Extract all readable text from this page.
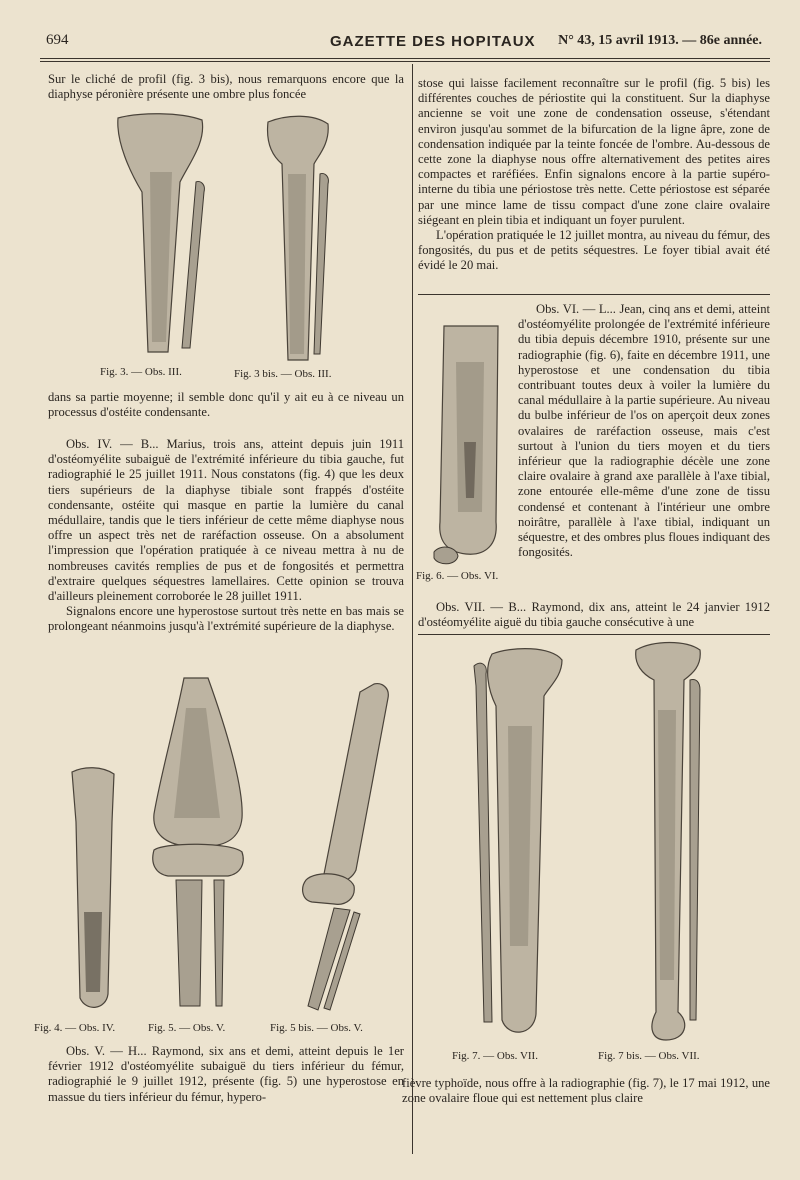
694	GAZETTE DES HOPITAUX N° 43, 15 avril 1913. — 86e année.

Sur le cliché de profil (fig. 3 bis), nous remarquons encore que la diaphyse péronière présente une ombre plus foncée

Fig. 3. — Obs. III.	Fig. 3 bis. — Obs. III.

dans sa partie moyenne; il semble donc qu'il y ait eu à ce niveau un processus d'ostéite condensante.

Obs. IV. — B... Marius, trois ans, atteint depuis juin 1911 d'ostéomyélite subaiguë de l'extrémité inférieure du tibia gauche, fut radiographié le 25 juillet 1911. Nous constatons (fig. 4) que les deux tiers supérieurs de la diaphyse tibiale sont frappés d'ostéite condensante, ostéite qui masque en partie la lumière du canal médullaire, tandis que le tiers inférieur de cette même diaphyse nous offre un aspect très net de raréfaction osseuse. On a absolument l'impression que l'opération pratiquée à ce niveau mettra à nu de nombreuses cavités remplies de pus et de fongosités et permettra d'extraire quelques séquestres lamellaires. Cette opinion se trouva d'ailleurs pleinement corroborée le 28 juillet 1911.

Signalons encore une hyperostose surtout très nette en bas mais se prolongeant néanmoins jusqu'à l'extrémité supérieure de la diaphyse.

Fig. 4. — Obs. IV.	Fig. 5. — Obs. V.	Fig. 5 bis. — Obs. V.

Obs. V. — H... Raymond, six ans et demi, atteint depuis le 1er février 1912 d'ostéomyélite subaiguë du tiers inférieur du fémur, radiographié le 9 juillet 1912, présente (fig. 5) une hyperostose en massue du tiers inférieur du fémur, hypero-

stose qui laisse facilement reconnaître sur le profil (fig. 5 bis) les différentes couches de périostite qui la constituent. Sur la diaphyse ancienne se voit une zone de condensation osseuse, s'étendant environ jusqu'au sommet de la bifurcation de la ligne âpre, zone de condensation indiquée par la teinte foncée de l'ombre. Au-dessous de cette zone la diaphyse nous offre alternativement des petites aires compactes et raréfiées. Enfin signalons encore à la partie supéro-interne du tibia une périostose très nette. Cette périostose est séparée par une mince lame de tissu compact d'une zone claire ovalaire siégeant en plein tibia et indiquant un foyer purulent.

L'opération pratiquée le 12 juillet montra, au niveau du fémur, des fongosités, du pus et de petits séquestres. Le foyer tibial avait été évidé le 20 mai.

Fig. 6. — Obs. VI.

Obs. VI. — L... Jean, cinq ans et demi, atteint d'ostéomyélite prolongée de l'extrémité inférieure du tibia depuis décembre 1910, présente sur une radiographie (fig. 6), faite en décembre 1911, une hyperostose et une condensation du tibia contribuant toutes deux à voiler la lumière du canal médullaire à la partie supérieure. Au niveau du bulbe inférieur de l'os on aperçoit deux zones ovalaires de raréfaction osseuse, mais c'est surtout à l'union du tiers moyen et du tiers inférieur que la radiographie décèle une zone claire ovalaire à grand axe parallèle à l'axe tibial, zone entourée elle-même d'une zone de tissu condensé et contenant à l'intérieur une ombre noirâtre, parallèle à l'axe tibial, indiquant un séquestre, et des ombres plus floues indiquant des fongosités.

Obs. VII. — B... Raymond, dix ans, atteint le 24 janvier 1912 d'ostéomyélite aiguë du tibia gauche consécutive à une

Fig. 7. — Obs. VII.	Fig. 7 bis. — Obs. VII.

fièvre typhoïde, nous offre à la radiographie (fig. 7), le 17 mai 1912, une zone ovalaire floue qui est nettement plus claire
